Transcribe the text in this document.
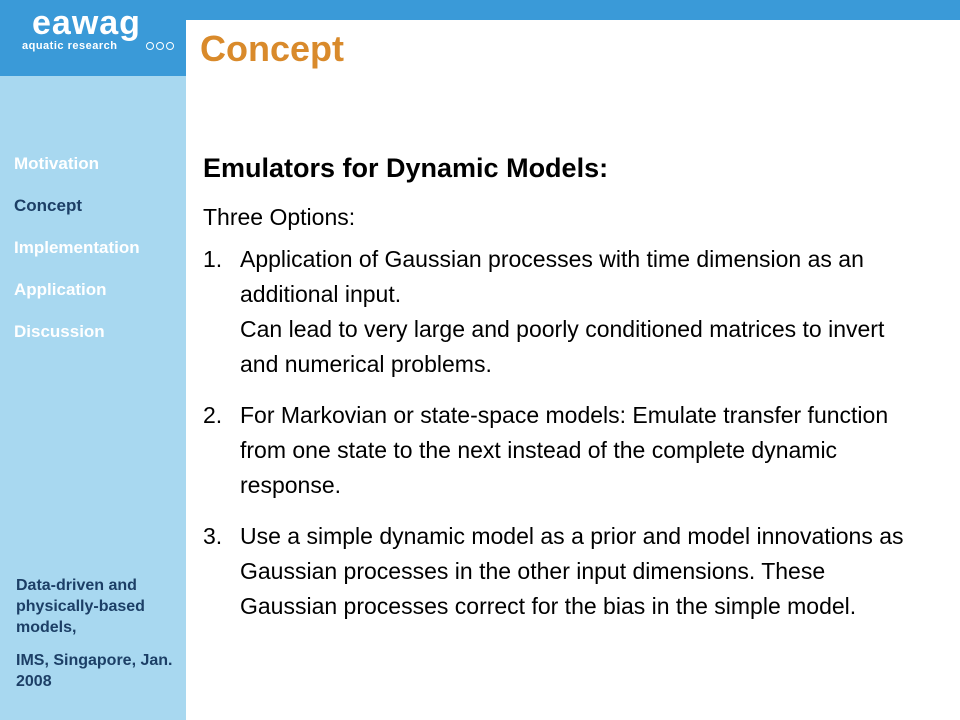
eawag
aquatic research
Motivation
Concept
Implementation
Application
Discussion

Data-driven and physically-based models,

IMS, Singapore, Jan. 2008

Concept
Emulators for Dynamic Models:

Three Options:

1. Application of Gaussian processes with time dimension as an additional input.
Can lead to very large and poorly conditioned matrices to invert and numerical problems.
2. For Markovian or state-space models: Emulate transfer function from one state to the next instead of the complete dynamic response.
3. Use a simple dynamic model as a prior and model innovations as Gaussian processes in the other input dimensions. These Gaussian processes correct for the bias in the simple model.
